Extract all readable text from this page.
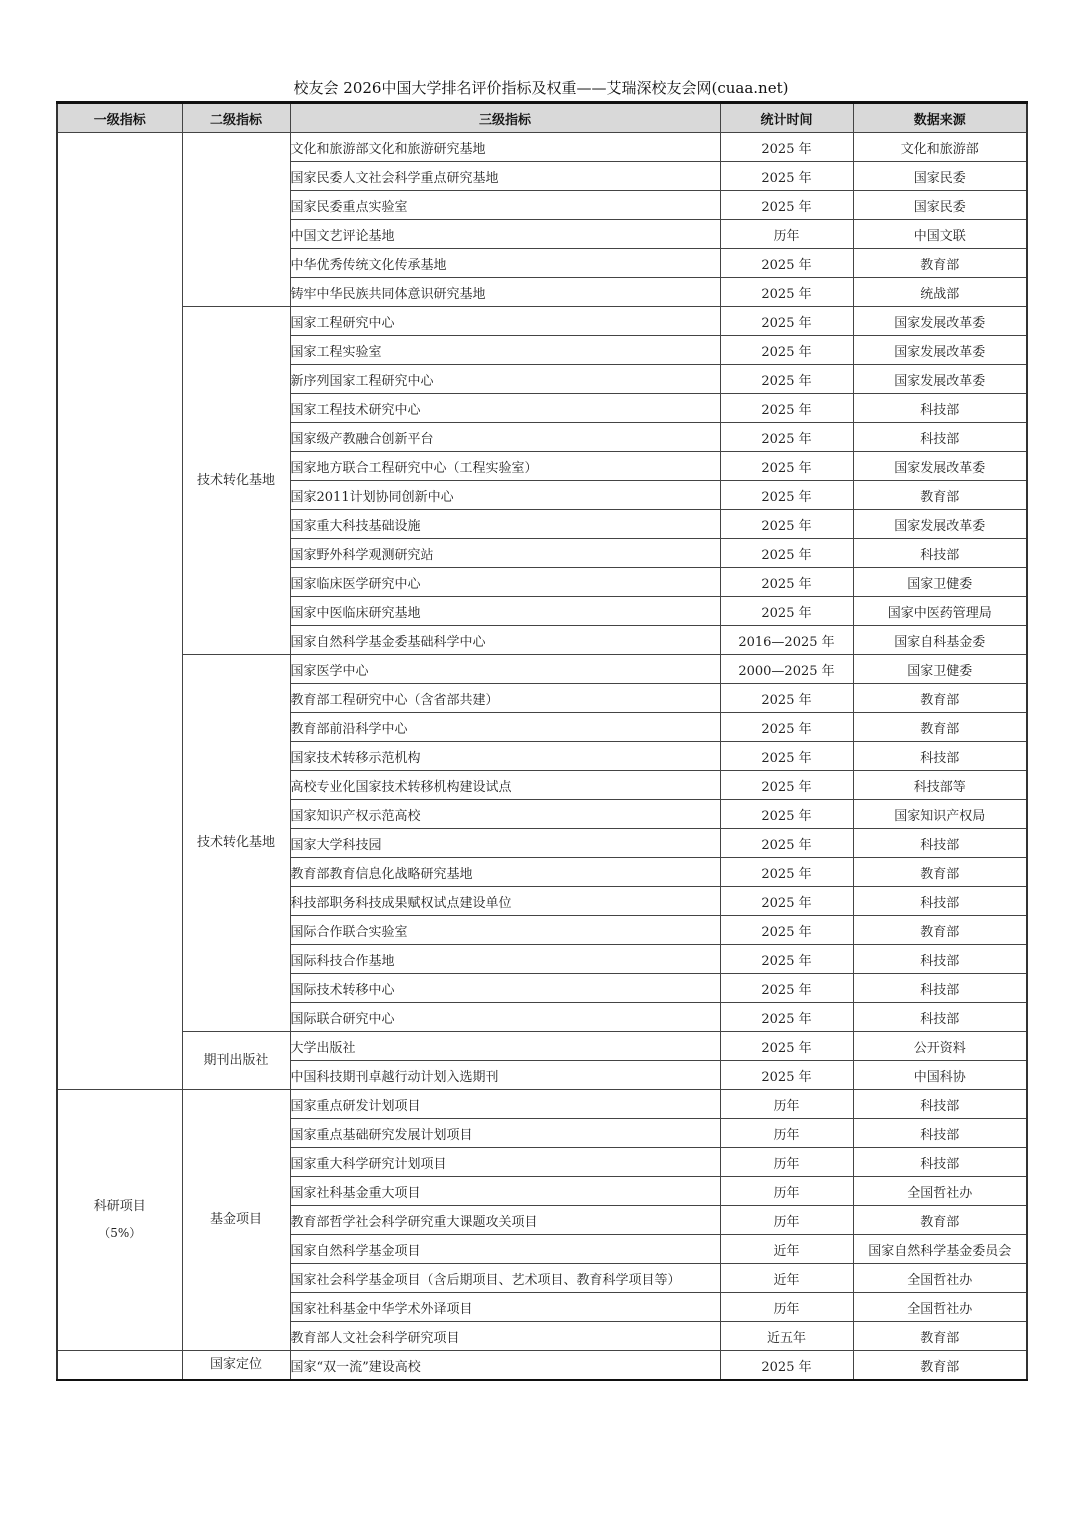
校友会 2026中国大学排名评价指标及权重——艾瑞深校友会网(cuaa.net)
一级指标	二级指标	三级指标	统计时间	数据来源
		文化和旅游部文化和旅游研究基地	2025 年	文化和旅游部
		国家民委人文社会科学重点研究基地	2025 年	国家民委
		国家民委重点实验室	2025 年	国家民委
		中国文艺评论基地	历年	中国文联
		中华优秀传统文化传承基地	2025 年	教育部
		铸牢中华民族共同体意识研究基地	2025 年	统战部
	技术转化基地	国家工程研究中心	2025 年	国家发展改革委
		国家工程实验室	2025 年	国家发展改革委
		新序列国家工程研究中心	2025 年	国家发展改革委
		国家工程技术研究中心	2025 年	科技部
		国家级产教融合创新平台	2025 年	科技部
		国家地方联合工程研究中心（工程实验室）	2025 年	国家发展改革委
		国家2011计划协同创新中心	2025 年	教育部
		国家重大科技基础设施	2025 年	国家发展改革委
		国家野外科学观测研究站	2025 年	科技部
		国家临床医学研究中心	2025 年	国家卫健委
		国家中医临床研究基地	2025 年	国家中医药管理局
		国家自然科学基金委基础科学中心	2016—2025 年	国家自科基金委
	技术转化基地	国家医学中心	2000—2025 年	国家卫健委
		教育部工程研究中心（含省部共建）	2025 年	教育部
		教育部前沿科学中心	2025 年	教育部
		国家技术转移示范机构	2025 年	科技部
		高校专业化国家技术转移机构建设试点	2025 年	科技部等
		国家知识产权示范高校	2025 年	国家知识产权局
		国家大学科技园	2025 年	科技部
		教育部教育信息化战略研究基地	2025 年	教育部
		科技部职务科技成果赋权试点建设单位	2025 年	科技部
		国际合作联合实验室	2025 年	教育部
		国际科技合作基地	2025 年	科技部
		国际技术转移中心	2025 年	科技部
		国际联合研究中心	2025 年	科技部
	期刊出版社	大学出版社	2025 年	公开资料
		中国科技期刊卓越行动计划入选期刊	2025 年	中国科协
科研项目
（5%）	基金项目	国家重点研发计划项目	历年	科技部
		国家重点基础研究发展计划项目	历年	科技部
		国家重大科学研究计划项目	历年	科技部
		国家社科基金重大项目	历年	全国哲社办
		教育部哲学社会科学研究重大课题攻关项目	历年	教育部
		国家自然科学基金项目	近年	国家自然科学基金委员会
		国家社会科学基金项目（含后期项目、艺术项目、教育科学项目等）	近年	全国哲社办
		国家社科基金中华学术外译项目	历年	全国哲社办
		教育部人文社会科学研究项目	近五年	教育部
	国家定位	国家“双一流”建设高校	2025 年	教育部
